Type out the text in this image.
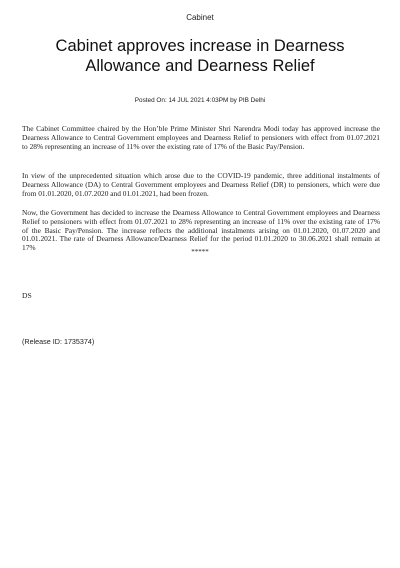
Cabinet
Cabinet approves increase in Dearness Allowance and Dearness Relief
Posted On: 14 JUL 2021 4:03PM by PIB Delhi

The Cabinet Committee chaired by the Hon’ble Prime Minister Shri Narendra Modi today has approved increase the Dearness Allowance to Central Government employees and Dearness Relief to pensioners with effect from 01.07.2021 to 28% representing an increase of 11% over the existing rate of 17% of the Basic Pay/Pension.

In view of the unprecedented situation which arose due to the COVID-19 pandemic, three additional instalments of Dearness Allowance (DA) to Central Government employees and Dearness Relief (DR) to pensioners, which were due from 01.01.2020, 01.07.2020 and 01.01.2021, had been frozen.

Now, the Government has decided to increase the Dearness Allowance to Central Government employees and Dearness Relief to pensioners with effect from 01.07.2021 to 28% representing an increase of 11% over the existing rate of 17% of the Basic Pay/Pension. The increase reflects the additional instalments arising on 01.01.2020, 01.07.2020 and 01.01.2021. The rate of Dearness Allowance/Dearness Relief for the period 01.01.2020 to 30.06.2021 shall remain at 17%	*****
DS
(Release ID: 1735374)
